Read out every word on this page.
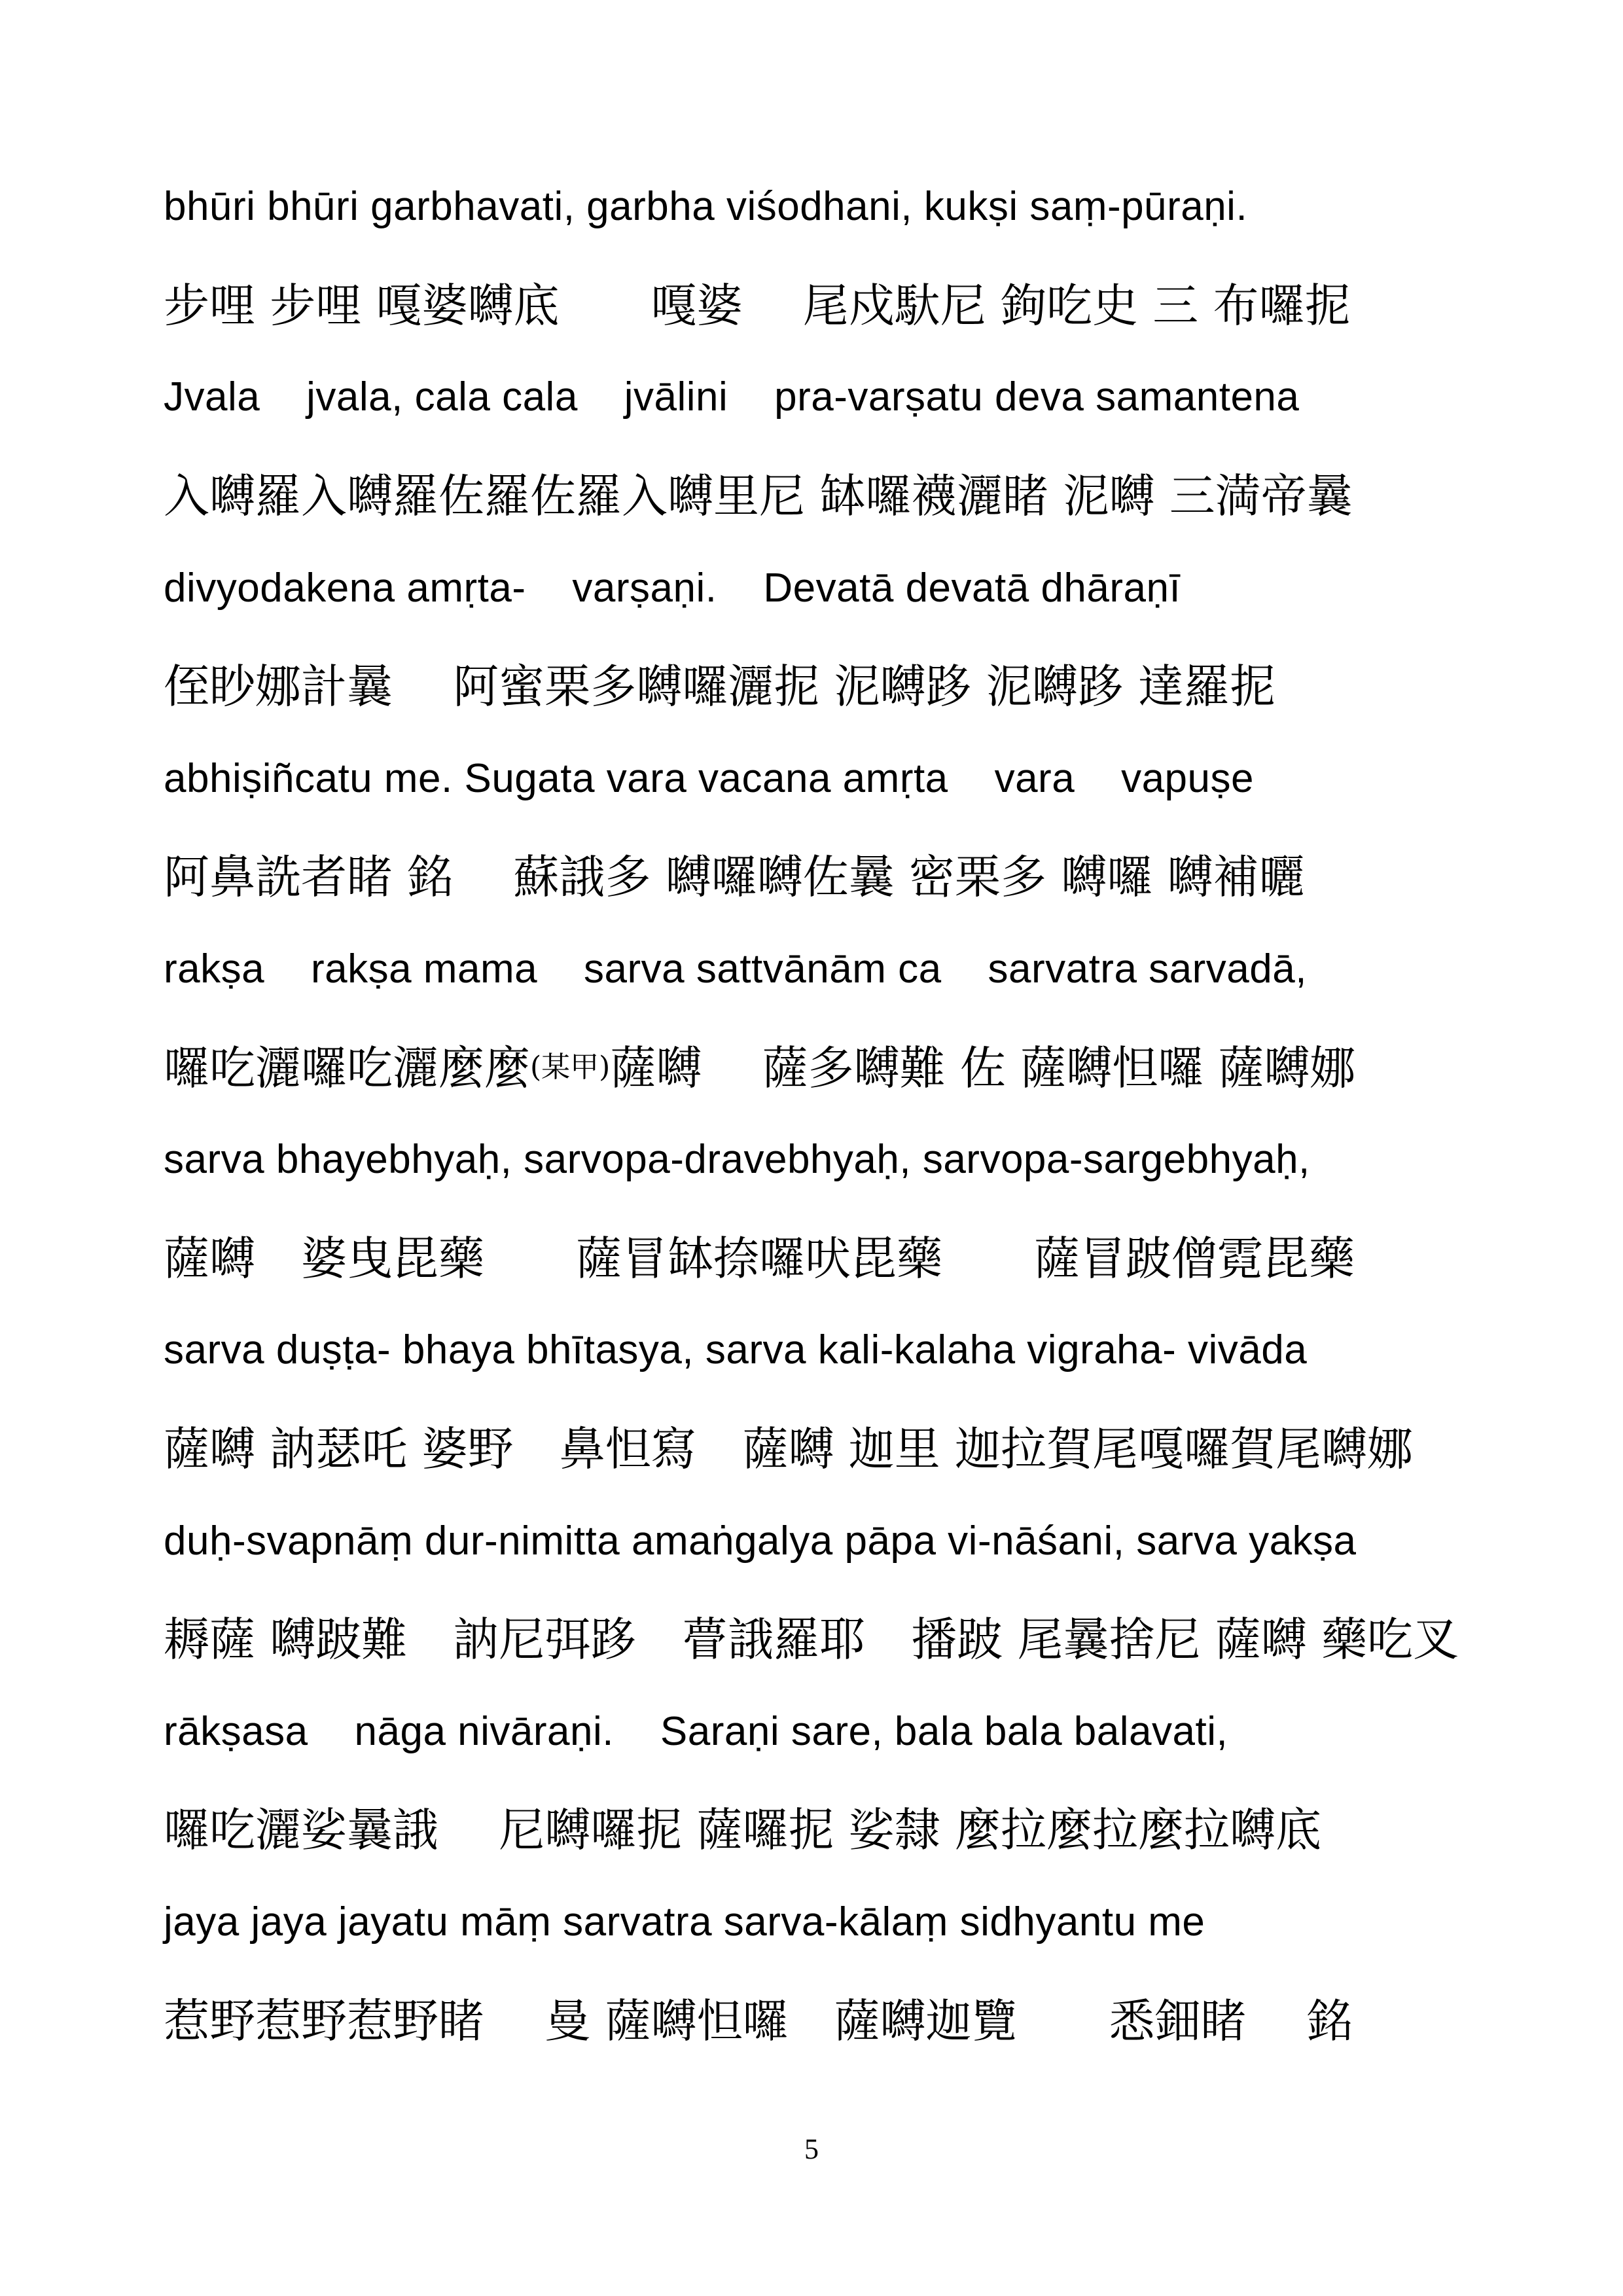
bhūri bhūri garbhavati, garbha viśodhani, kukṣi saṃ-pūraṇi.
步哩 步哩 嘎婆嚩底　　嘎婆　 尾戍馱尼 鉤吃史 三 布囉抳
Jvala    jvala, cala cala    jvālini    pra-varṣatu deva samantena
入嚩羅入嚩羅佐羅佐羅入嚩里尼 缽囉襪灑睹 泥嚩 三満帝曩
divyodakena amṛta-    varṣaṇi.    Devatā devatā dhāraṇī
侄眇娜計曩　 阿蜜栗多嚩囉灑抳 泥嚩跢 泥嚩跢 達羅抳
abhiṣiñcatu me. Sugata vara vacana amṛta    vara    vapuṣe
阿鼻詵者睹 銘　 蘇誐多 嚩囉嚩佐曩 密栗多 嚩囉 嚩補曬
rakṣa    rakṣa mama    sarva sattvānām ca    sarvatra sarvadā,
囉吃灑囉吃灑麼麼 (某甲) 薩嚩　 薩多嚩難 佐 薩嚩怛囉 薩嚩娜
sarva bhayebhyaḥ, sarvopa-dravebhyaḥ, sarvopa-sargebhyaḥ,
薩嚩　婆曳毘藥　　薩冒缽捺囉吠毘藥　　薩冒跛僧霓毘藥
sarva duṣṭa- bhaya bhītasya, sarva kali-kalaha vigraha- vivāda
薩嚩 訥瑟吒 婆野　鼻怛寫　薩嚩 迦里 迦拉賀尾嘎囉賀尾嚩娜
duḥ-svapnāṃ dur-nimitta amaṅgalya pāpa vi-nāśani, sarva yakṣa
耨薩 嚩跛難　訥尼弭跢　瞢誐羅耶　播跛 尾曩捨尼 薩嚩 藥吃叉
rākṣasa    nāga nivāraṇi.    Saraṇi sare, bala bala balavati,
囉吃灑娑曩誐　 尼嚩囉抳 薩囉抳 娑隸 麼拉麼拉麼拉嚩底
jaya jaya jayatu māṃ sarvatra sarva-kālaṃ sidhyantu me
惹野惹野惹野睹　 曼 薩嚩怛囉　薩嚩迦覽　　悉鈿睹　 銘
5
